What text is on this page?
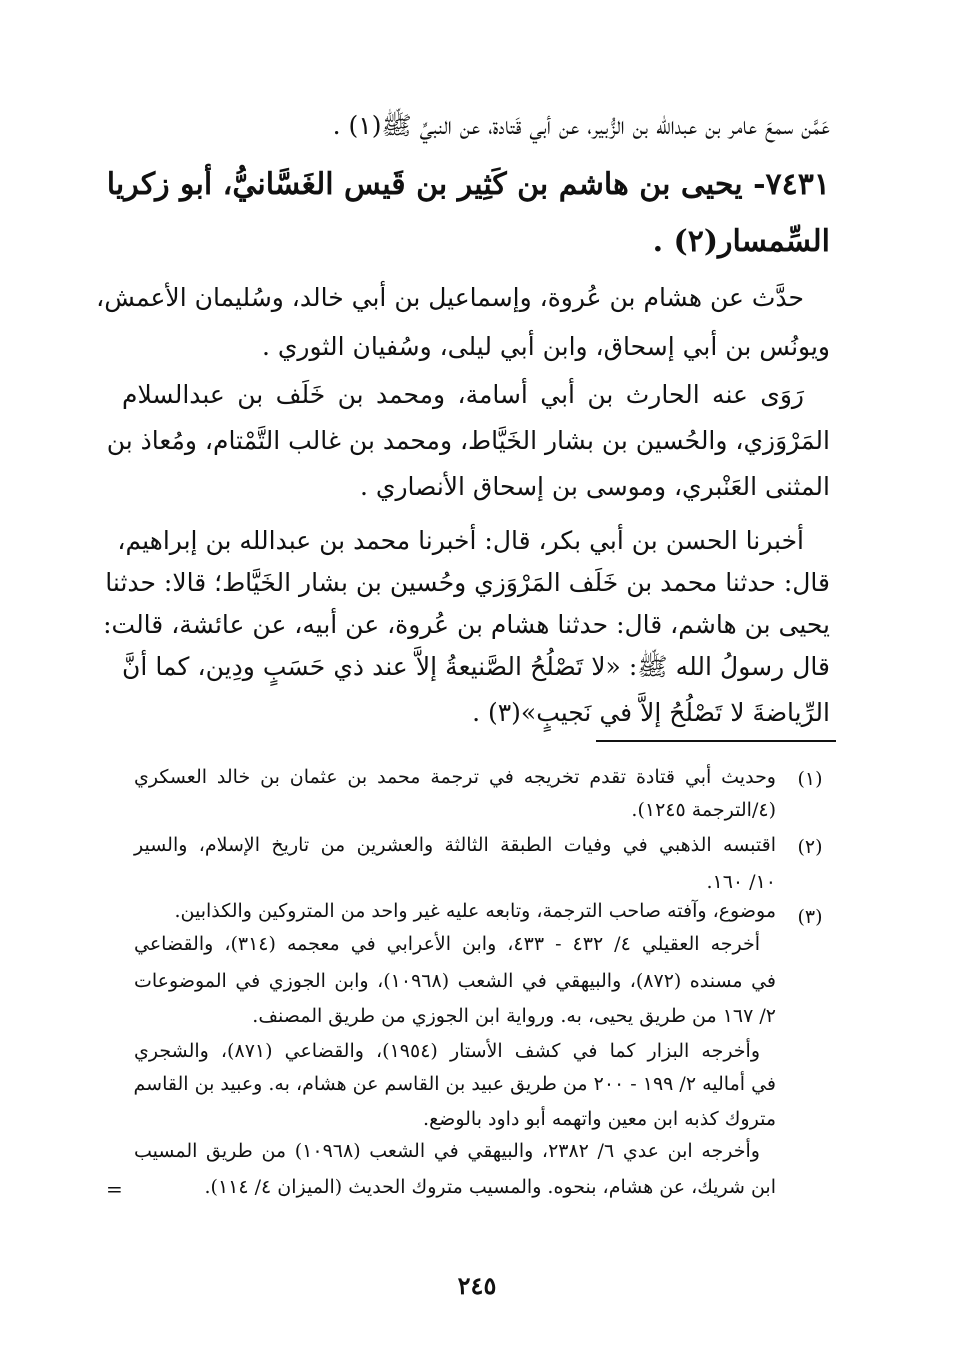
عَمَّن سمعَ عامر بن عبدالله بن الزُّبير، عن أبي قَتادة، عن النبيِّ ﷺ(١) .
٧٤٣١- يحيى بن هاشم بن كَثِير بن قَيس الغَسَّانيُّ، أبو زكريا
السِّمسار(٢) .
حدَّث عن هشام بن عُروة، وإسماعيل بن أبي خالد، وسُليمان الأعمش،
ويونُس بن أبي إسحاق، وابن أبي ليلى، وسُفيان الثوري .
رَوَى عنه الحارث بن أبي أسامة، ومحمد بن خَلَف بن عبدالسلام
المَرْوَزي، والحُسين بن بشار الخَيَّاط، ومحمد بن غالب التَّمْتام، ومُعاذ بن
المثنى العَنْبري، وموسى بن إسحاق الأنصاري .
أخبرنا الحسن بن أبي بكر، قال: أخبرنا محمد بن عبدالله بن إبراهيم،
قال: حدثنا محمد بن خَلَف المَرْوَزي وحُسين بن بشار الخَيَّاط؛ قالا: حدثنا
يحيى بن هاشم، قال: حدثنا هشام بن عُروة، عن أبيه، عن عائشة، قالت:
قال رسولُ الله ﷺ: «لا تَصْلُحُ الصَّنيعةُ إلاَّ عند ذي حَسَبٍ ودِين، كما أنَّ
الرِّياضةَ لا تَصْلُحُ إلاَّ في نَجيبٍ»(٣) .
(١)
وحديث أبي قتادة تقدم تخريجه في ترجمة محمد بن عثمان بن خالد العسكري
(٤/الترجمة ١٢٤٥).
(٢)
اقتبسه الذهبي في وفيات الطبقة الثالثة والعشرين من تاريخ الإسلام، والسير
١٠/ ١٦٠.
(٣)
موضوع، وآفته صاحب الترجمة، وتابعه عليه غير واحد من المتروكين والكذابين.
أخرجه العقيلي ٤/ ٤٣٢ - ٤٣٣، وابن الأعرابي في معجمه (٣١٤)، والقضاعي
في مسنده (٨٧٢)، والبيهقي في الشعب (١٠٩٦٨)، وابن الجوزي في الموضوعات
٢/ ١٦٧ من طريق يحيى، به. ورواية ابن الجوزي من طريق المصنف.
وأخرجه البزار كما في كشف الأستار (١٩٥٤)، والقضاعي (٨٧١)، والشجري
في أماليه ٢/ ١٩٩ - ٢٠٠ من طريق عبيد بن القاسم عن هشام، به. وعبيد بن القاسم
متروك كذبه ابن معين واتهمه أبو داود بالوضع.
وأخرجه ابن عدي ٦/ ٢٣٨٢، والبيهقي في الشعب (١٠٩٦٨) من طريق المسيب
ابن شريك، عن هشام، بنحوه. والمسيب متروك الحديث (الميزان ٤/ ١١٤).
=
٢٤٥
